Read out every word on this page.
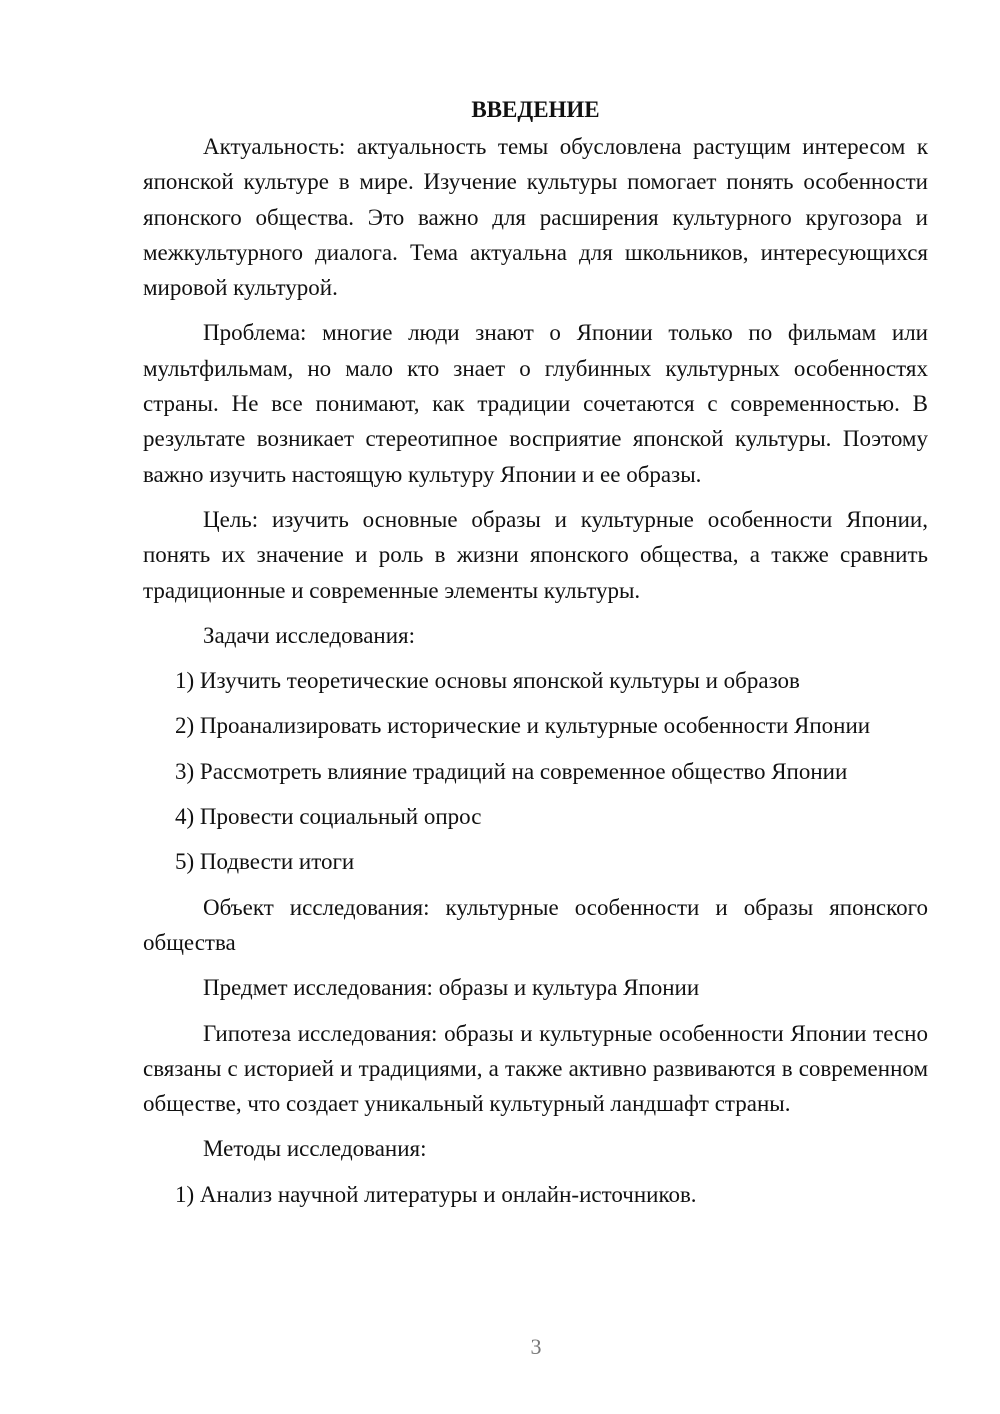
ВВЕДЕНИЕ

Актуальность: актуальность темы обусловлена растущим интересом к японской культуре в мире. Изучение культуры помогает понять особенности японского общества. Это важно для расширения культурного кругозора и межкультурного диалога. Тема актуальна для школьников, интересующихся мировой культурой.

Проблема: многие люди знают о Японии только по фильмам или мультфильмам, но мало кто знает о глубинных культурных особенностях страны. Не все понимают, как традиции сочетаются с современностью. В результате возникает стереотипное восприятие японской культуры. Поэтому важно изучить настоящую культуру Японии и ее образы.

Цель: изучить основные образы и культурные особенности Японии, понять их значение и роль в жизни японского общества, а также сравнить традиционные и современные элементы культуры.

Задачи исследования:

1) Изучить теоретические основы японской культуры и образов

2) Проанализировать исторические и культурные особенности Японии

3) Рассмотреть влияние традиций на современное общество Японии

4) Провести социальный опрос

5) Подвести итоги

Объект исследования: культурные особенности и образы японского общества

Предмет исследования: образы и культура Японии

Гипотеза исследования: образы и культурные особенности Японии тесно связаны с историей и традициями, а также активно развиваются в современном обществе, что создает уникальный культурный ландшафт страны.

Методы исследования:

1) Анализ научной литературы и онлайн-источников.

3
